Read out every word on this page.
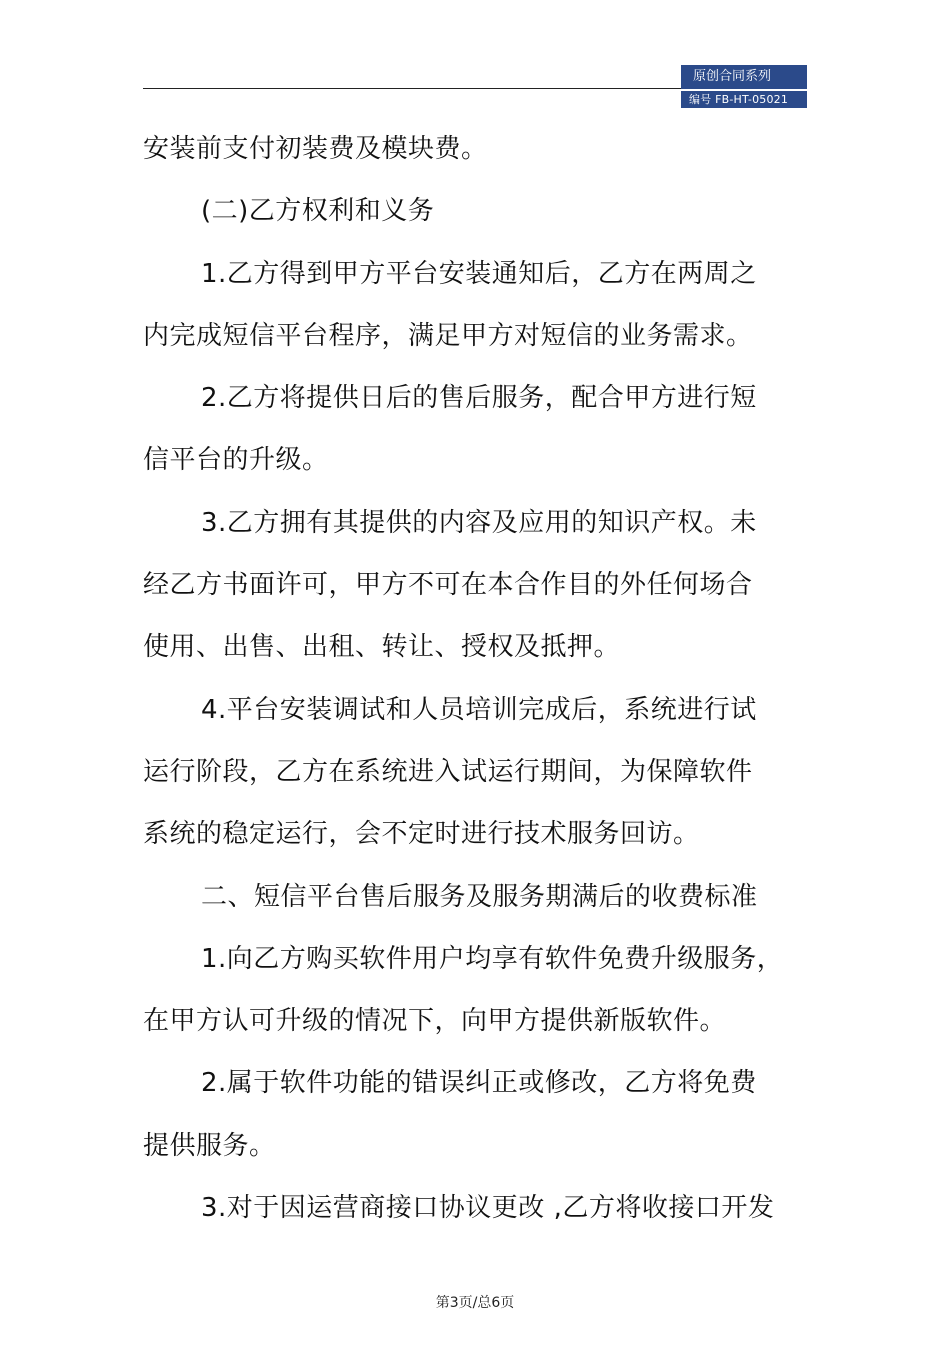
原创合同系列
编号 FB-HT-05021
安装前支付初装费及模块费。
(二)乙方权利和义务
1.乙方得到甲方平台安装通知后，乙方在两周之
内完成短信平台程序，满足甲方对短信的业务需求。
2.乙方将提供日后的售后服务，配合甲方进行短
信平台的升级。
3.乙方拥有其提供的内容及应用的知识产权。未
经乙方书面许可，甲方不可在本合作目的外任何场合
使用、出售、出租、转让、授权及抵押。
4.平台安装调试和人员培训完成后，系统进行试
运行阶段，乙方在系统进入试运行期间，为保障软件
系统的稳定运行，会不定时进行技术服务回访。
二、短信平台售后服务及服务期满后的收费标准
1.向乙方购买软件用户均享有软件免费升级服务，
在甲方认可升级的情况下，向甲方提供新版软件。
2.属于软件功能的错误纠正或修改，乙方将免费
提供服务。
3.对于因运营商接口协议更改 ,乙方将收接口开发
第3页/总6页
